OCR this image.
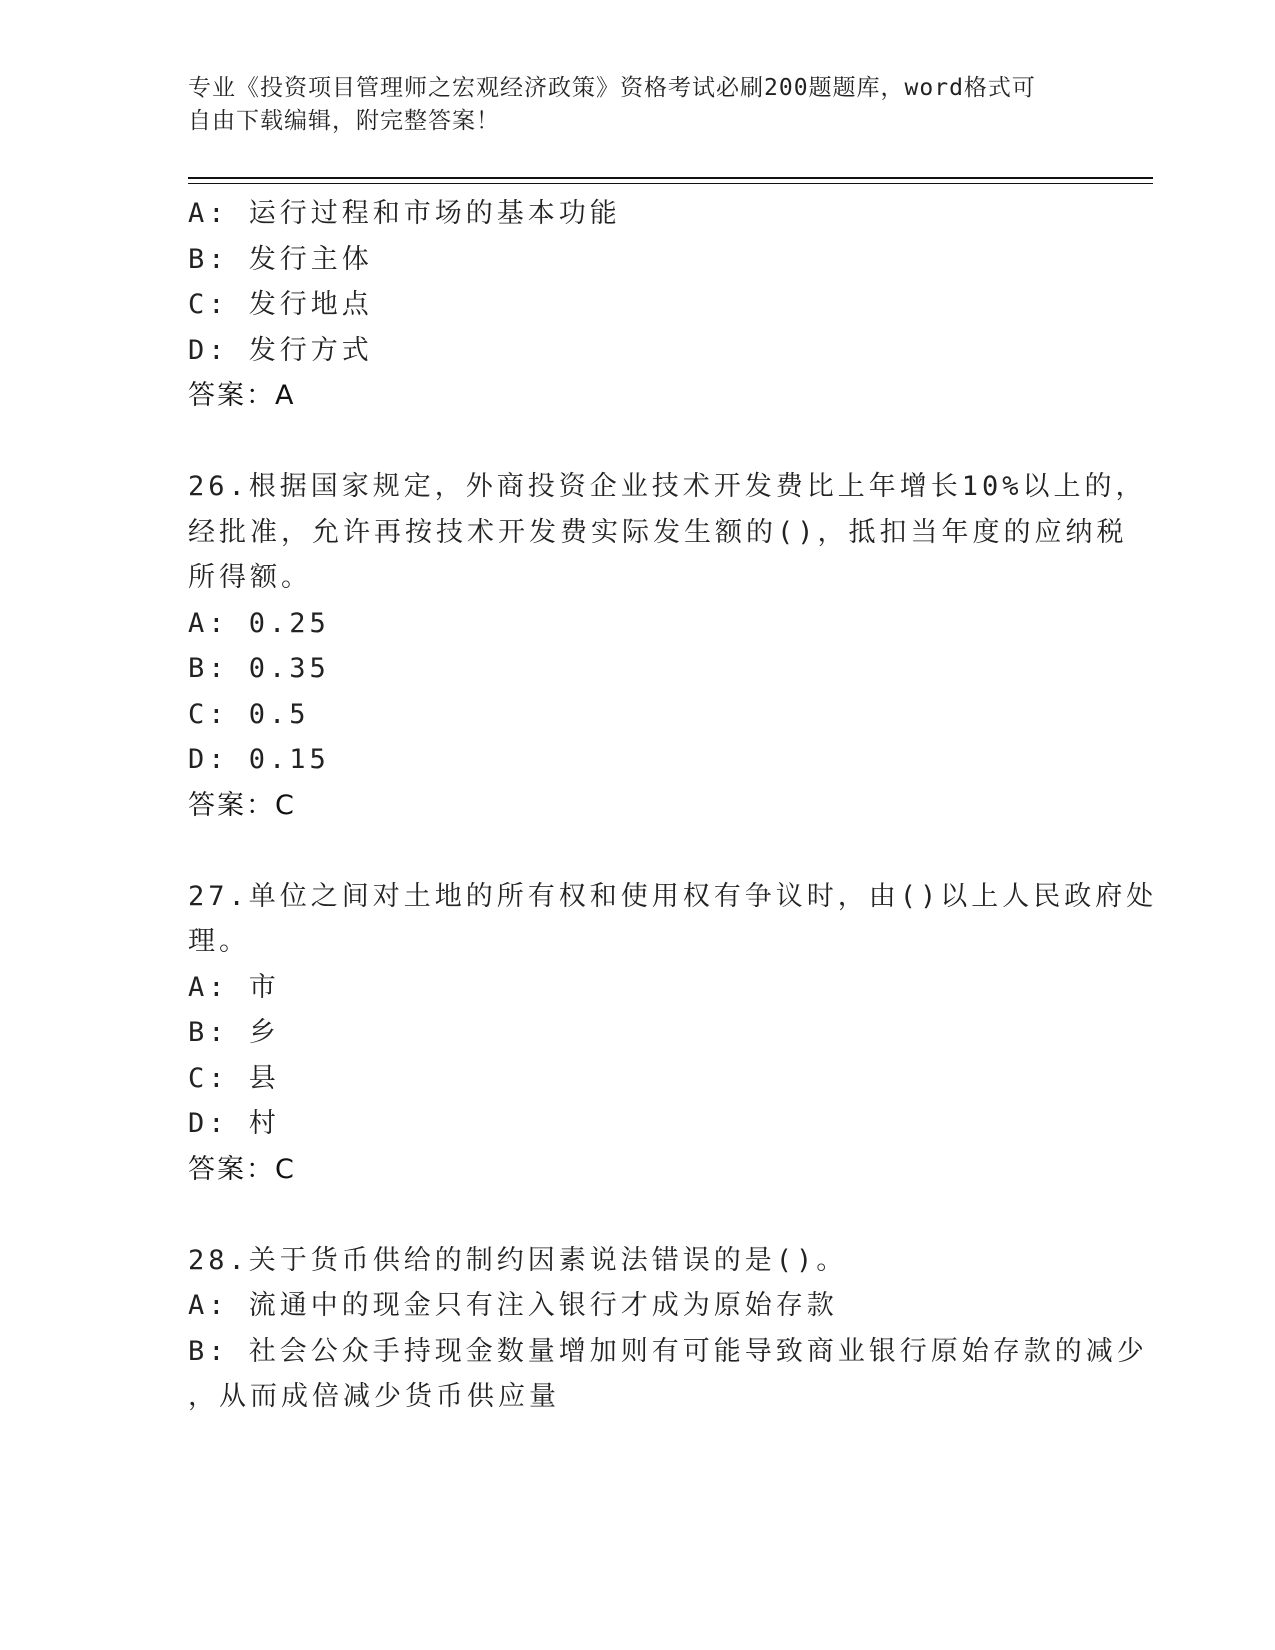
专业《投资项目管理师之宏观经济政策》资格考试必刷200题题库，word格式可
自由下载编辑，附完整答案！
A: 运行过程和市场的基本功能
B: 发行主体
C: 发行地点
D: 发行方式
答案：A
26.根据国家规定，外商投资企业技术开发费比上年增长10%以上的，
经批准，允许再按技术开发费实际发生额的()，抵扣当年度的应纳税
所得额。
A: 0.25
B: 0.35
C: 0.5
D: 0.15
答案：C
27.单位之间对土地的所有权和使用权有争议时，由()以上人民政府处
理。
A: 市
B: 乡
C: 县
D: 村
答案：C
28.关于货币供给的制约因素说法错误的是()。
A: 流通中的现金只有注入银行才成为原始存款
B: 社会公众手持现金数量增加则有可能导致商业银行原始存款的减少
，从而成倍减少货币供应量
